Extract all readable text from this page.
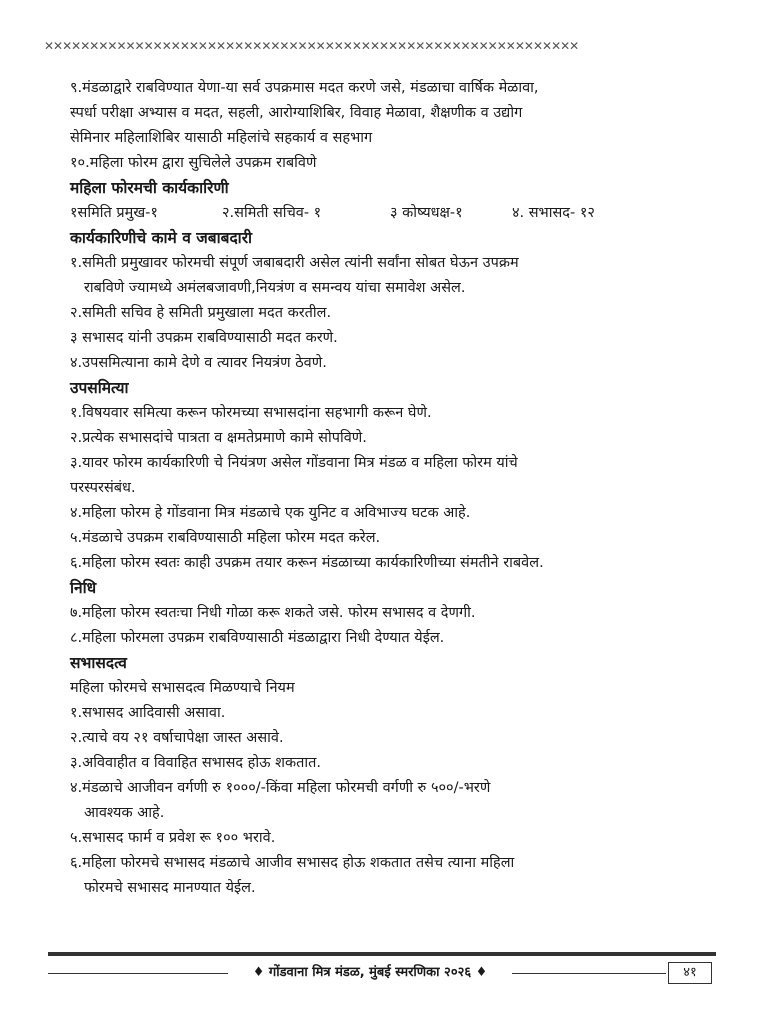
✕✕✕✕✕✕✕✕✕✕✕✕✕✕✕✕✕✕✕✕✕✕✕✕✕✕✕✕✕✕✕✕✕✕✕✕✕✕✕✕✕✕✕✕✕✕✕✕✕✕✕✕✕✕✕✕✕✕✕

९.मंडळाद्वारे राबविण्यात येणा-या सर्व उपक्रमास मदत करणे जसे, मंडळाचा वार्षिक मेळावा,

स्पर्धा परीक्षा अभ्यास व मदत, सहली, आरोग्याशिबिर, विवाह मेळावा, शैक्षणीक व उद्योग

सेमिनार महिलाशिबिर यासाठी महिलांचे सहकार्य व सहभाग

१०.महिला फोरम द्वारा सुचिलेले उपक्रम राबविणे

महिला फोरमची कार्यकारिणी

१समिति प्रमुख-१	२.समिती सचिव- १	३ कोष्यधक्ष-१	४. सभासद- १२

कार्यकारिणीचे कामे व जबाबदारी

१.समिती प्रमुखावर फोरमची संपूर्ण जबाबदारी असेल त्यांनी सर्वांना सोबत घेऊन उपक्रम

राबविणे ज्यामध्ये अमंलबजावणी,नियत्रंण व समन्वय यांचा समावेश असेल.

२.समिती सचिव हे समिती प्रमुखाला मदत करतील.

३ सभासद यांनी उपक्रम राबविण्यासाठी मदत करणे.

४.उपसमित्याना कामे देणे व त्यावर नियत्रंण ठेवणे.

उपसमित्या

१.विषयवार समित्या करून फोरमच्या सभासदांना सहभागी करून घेणे.

२.प्रत्येक सभासदांचे पात्रता व क्षमतेप्रमाणे कामे सोपविणे.

३.यावर फोरम कार्यकारिणी चे नियंत्रण असेल गोंडवाना मित्र मंडळ व महिला फोरम यांचे

परस्परसंबंध.

४.महिला फोरम हे गोंडवाना मित्र मंडळाचे एक युनिट व अविभाज्य घटक आहे.

५.मंडळाचे उपक्रम राबविण्यासाठी महिला फोरम मदत करेल.

६.महिला फोरम स्वतः काही उपक्रम तयार करून मंडळाच्या कार्यकारिणीच्या संमतीने राबवेल.

निधि

७.महिला फोरम स्वतःचा निधी गोळा करू शकते जसे. फोरम सभासद व देणगी.

८.महिला फोरमला उपक्रम राबविण्यासाठी मंडळाद्वारा निधी देण्यात येईल.

सभासदत्व

महिला फोरमचे सभासदत्व मिळण्याचे नियम

१.सभासद आदिवासी असावा.

२.त्याचे वय २१ वर्षाचापेक्षा जास्त असावे.

३.अविवाहीत व विवाहित सभासद होऊ शकतात.

४.मंडळाचे आजीवन वर्गणी रु १०००/-किंवा महिला फोरमची वर्गणी रु ५००/-भरणे

आवश्यक आहे.

५.सभासद फार्म व प्रवेश रू १०० भरावे.

६.महिला फोरमचे सभासद मंडळाचे आजीव सभासद होऊ शकतात तसेच त्याना महिला

फोरमचे सभासद मानण्यात येईल.

♦ गोंडवाना मित्र मंडळ, मुंबई स्मरणिका २०२६ ♦	४१
